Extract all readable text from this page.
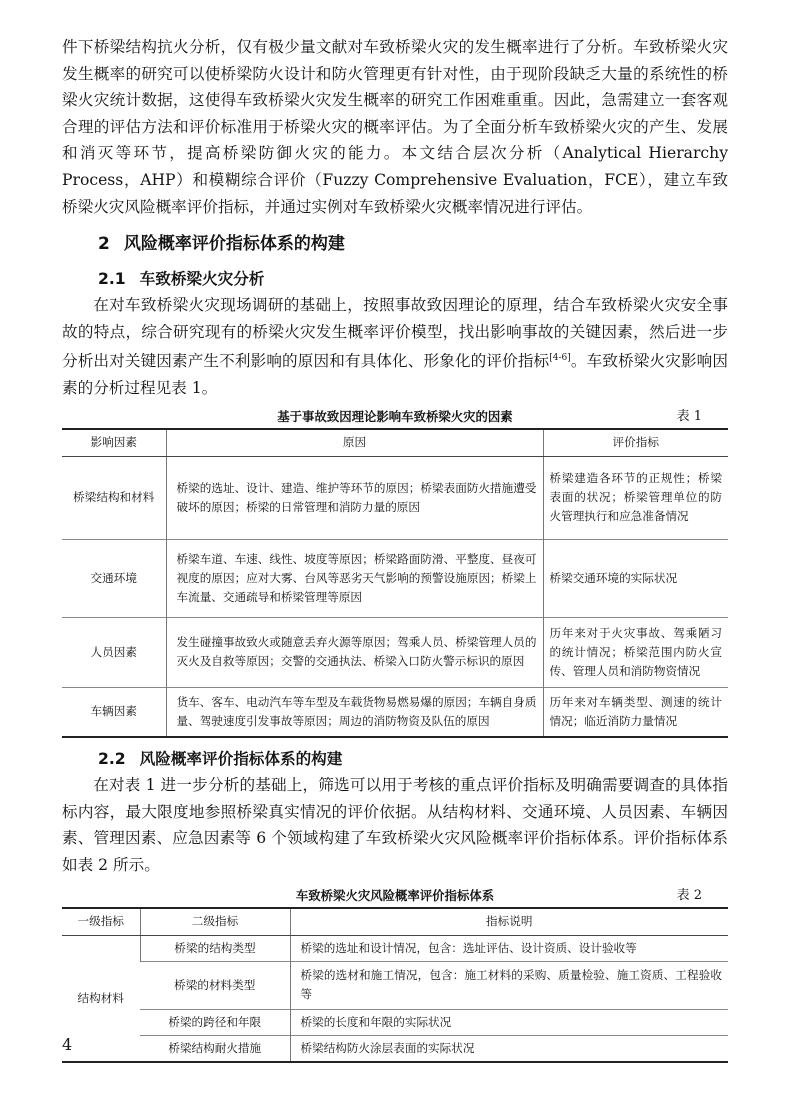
件下桥梁结构抗火分析，仅有极少量文献对车致桥梁火灾的发生概率进行了分析。车致桥梁火灾发生概率的研究可以使桥梁防火设计和防火管理更有针对性，由于现阶段缺乏大量的系统性的桥梁火灾统计数据，这使得车致桥梁火灾发生概率的研究工作困难重重。因此，急需建立一套客观合理的评估方法和评价标准用于桥梁火灾的概率评估。为了全面分析车致桥梁火灾的产生、发展和消灭等环节，提高桥梁防御火灾的能力。本文结合层次分析（Analytical Hierarchy Process，AHP）和模糊综合评价（Fuzzy Comprehensive Evaluation，FCE），建立车致桥梁火灾风险概率评价指标，并通过实例对车致桥梁火灾概率情况进行评估。

2 风险概率评价指标体系的构建
2.1 车致桥梁火灾分析

在对车致桥梁火灾现场调研的基础上，按照事故致因理论的原理，结合车致桥梁火灾安全事故的特点，综合研究现有的桥梁火灾发生概率评价模型，找出影响事故的关键因素，然后进一步分析出对关键因素产生不利影响的原因和有具体化、形象化的评价指标[4-6]。车致桥梁火灾影响因素的分析过程见表 1。

基于事故致因理论影响车致桥梁火灾的因素	表 1
影响因素	原因	评价指标
桥梁结构和材料	桥梁的选址、设计、建造、维护等环节的原因；桥梁表面防火措施遭受破坏的原因；桥梁的日常管理和消防力量的原因	桥梁建造各环节的正规性；桥梁表面的状况；桥梁管理单位的防火管理执行和应急准备情况
交通环境	桥梁车道、车速、线性、坡度等原因；桥梁路面防滑、平整度、昼夜可视度的原因；应对大雾、台风等恶劣天气影响的预警设施原因；桥梁上车流量、交通疏导和桥梁管理等原因	桥梁交通环境的实际状况
人员因素	发生碰撞事故致火或随意丢弃火源等原因；驾乘人员、桥梁管理人员的灭火及自救等原因；交警的交通执法、桥梁入口防火警示标识的原因	历年来对于火灾事故、驾乘陋习的统计情况；桥梁范围内防火宣传、管理人员和消防物资情况
车辆因素	货车、客车、电动汽车等车型及车载货物易燃易爆的原因；车辆自身质量、驾驶速度引发事故等原因；周边的消防物资及队伍的原因	历年来对车辆类型、测速的统计情况；临近消防力量情况
2.2 风险概率评价指标体系的构建

在对表 1 进一步分析的基础上，筛选可以用于考核的重点评价指标及明确需要调查的具体指标内容，最大限度地参照桥梁真实情况的评价依据。从结构材料、交通环境、人员因素、车辆因素、管理因素、应急因素等 6 个领域构建了车致桥梁火灾风险概率评价指标体系。评价指标体系如表 2 所示。

车致桥梁火灾风险概率评价指标体系	表 2
一级指标	二级指标	指标说明
结构材料	桥梁的结构类型	桥梁的选址和设计情况，包含：选址评估、设计资质、设计验收等
	桥梁的材料类型	桥梁的选材和施工情况，包含：施工材料的采购、质量检验、施工资质、工程验收等
	桥梁的跨径和年限	桥梁的长度和年限的实际状况
	桥梁结构耐火措施	桥梁结构防火涂层表面的实际状况
4
